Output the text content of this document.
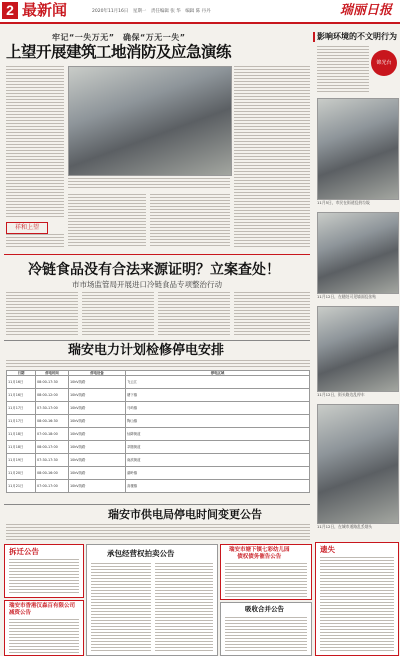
2 最新闻	2020年11月16日　星期一　责任编辑 张 华　编辑 陈 丹丹	瑞丽日报
牢记“一失万无”　确保“万无一失”
上望开展建筑工地消防及应急演练
祥和上望
冷链食品没有合法来源证明？立案查处！
市市场监管局开展进口冷链食品专项整治行动
瑞安电力计划检修停电安排
日期	停电时间	停电设备	停电区域
11月16日	08:00-17:30	10kV线路	飞云江
11月16日	08:00-12:00	10kV线路	塘下镇
11月17日	07:30-17:00	10kV线路	马屿镇
11月17日	08:00-16:30	10kV线路	陶山镇
11月18日	07:00-18:00	10kV线路	仙降街道
11月18日	08:00-17:00	10kV线路	莘塍街道
11月19日	07:30-17:30	10kV线路	南滨街道
11月20日	08:00-16:00	10kV线路	湖岭镇
11月21日	07:00-17:00	10kV线路	高楼镇
瑞安市供电局停电时间变更公告
拆迁公告
瑞安市香港汉森百有限公司
减资公告
承包经营权拍卖公告	瑞安市塘下镇七彩幼儿园
债权债务催告公告
吸收合并公告
影响环境的不文明行为
锦光台
11月5日，市民在街道乱扔垃圾
11月12日，在随处可见墙面乱张贴
11月12日，街头路边乱停车
11月12日，在城市道路乱丢烟头
遗失
